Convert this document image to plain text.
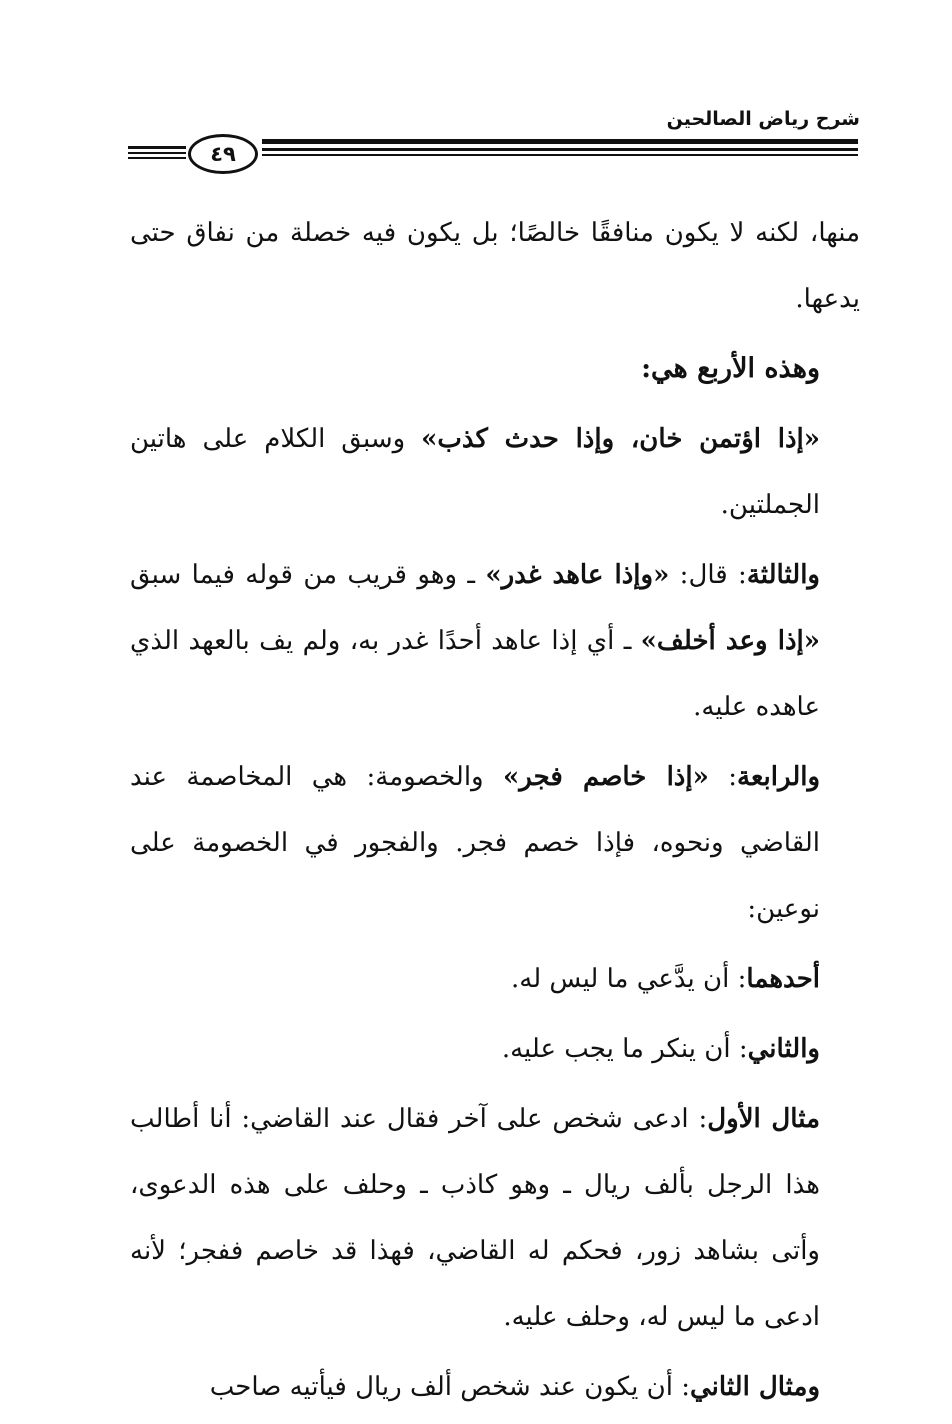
شرح رياض الصالحين
٤٩

منها، لكنه لا يكون منافقًا خالصًا؛ بل يكون فيه خصلة من نفاق حتى يدعها.

وهذه الأربع هي:

«إذا اؤتمن خان، وإذا حدث كذب» وسبق الكلام على هاتين الجملتين.

والثالثة: قال: «وإذا عاهد غدر» ـ وهو قريب من قوله فيما سبق «إذا وعد أخلف» ـ أي إذا عاهد أحدًا غدر به، ولم يف بالعهد الذي عاهده عليه.

والرابعة: «إذا خاصم فجر» والخصومة: هي المخاصمة عند القاضي ونحوه، فإذا خصم فجر. والفجور في الخصومة على نوعين:

أحدهما: أن يدَّعي ما ليس له.

والثاني: أن ينكر ما يجب عليه.

مثال الأول: ادعى شخص على آخر فقال عند القاضي: أنا أطالب هذا الرجل بألف ريال ـ وهو كاذب ـ وحلف على هذه الدعوى، وأتى بشاهد زور، فحكم له القاضي، فهذا قد خاصم ففجر؛ لأنه ادعى ما ليس له، وحلف عليه.

ومثال الثاني: أن يكون عند شخص ألف ريال فيأتيه صاحب
